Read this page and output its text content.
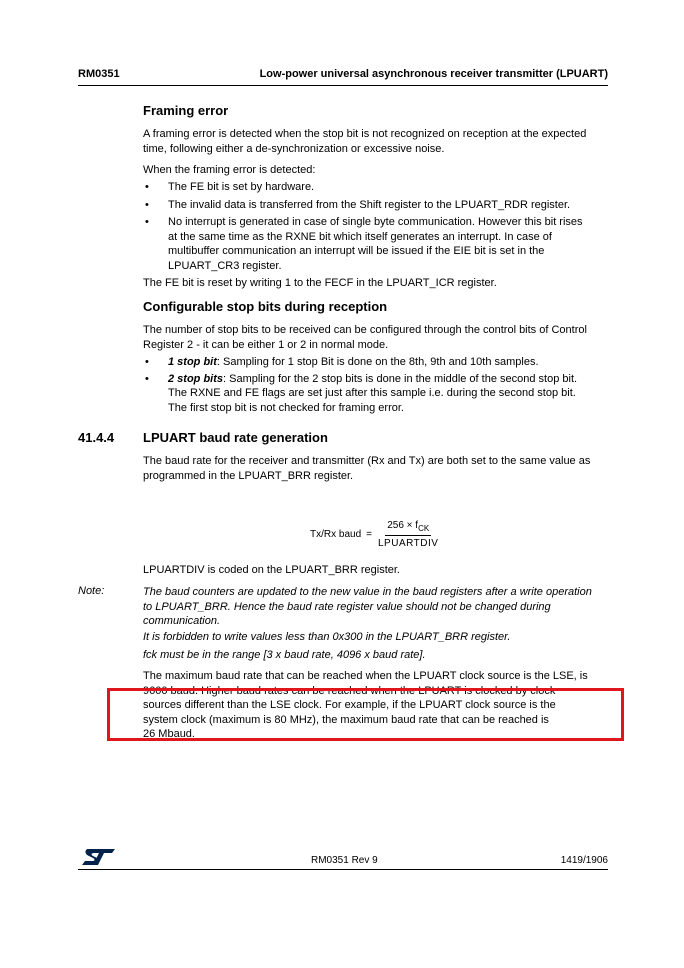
RM0351	Low-power universal asynchronous receiver transmitter (LPUART)
Framing error

A framing error is detected when the stop bit is not recognized on reception at the expected

time, following either a de-synchronization or excessive noise.

When the framing error is detected:

• The FE bit is set by hardware.
• The invalid data is transferred from the Shift register to the LPUART_RDR register.
• No interrupt is generated in case of single byte communication. However this bit rises
at the same time as the RXNE bit which itself generates an interrupt. In case of
multibuffer communication an interrupt will be issued if the EIE bit is set in the
LPUART_CR3 register.

The FE bit is reset by writing 1 to the FECF in the LPUART_ICR register.

Configurable stop bits during reception

The number of stop bits to be received can be configured through the control bits of Control

Register 2 - it can be either 1 or 2 in normal mode.

• 1 stop bit: Sampling for 1 stop Bit is done on the 8th, 9th and 10th samples.
• 2 stop bits: Sampling for the 2 stop bits is done in the middle of the second stop bit.
The RXNE and FE flags are set just after this sample i.e. during the second stop bit.
The first stop bit is not checked for framing error.
41.4.4 LPUART baud rate generation

The baud rate for the receiver and transmitter (Rx and Tx) are both set to the same value as

programmed in the LPUART_BRR register.

Tx/Rx baud = $\frac{256 \times f_{CK}}{\text{LPUARTDIV}}$

LPUARTDIV is coded on the LPUART_BRR register.

Note:	The baud counters are updated to the new value in the baud registers after a write operation

to LPUART_BRR. Hence the baud rate register value should not be changed during

communication.

It is forbidden to write values less than 0x300 in the LPUART_BRR register.

fck must be in the range [3 x baud rate, 4096 x baud rate].

The maximum baud rate that can be reached when the LPUART clock source is the LSE, is

9600 baud. Higher baud rates can be reached when the LPUART is clocked by clock

sources different than the LSE clock. For example, if the LPUART clock source is the

system clock (maximum is 80 MHz), the maximum baud rate that can be reached is

26 Mbaud.

RM0351 Rev 9	1419/1906
